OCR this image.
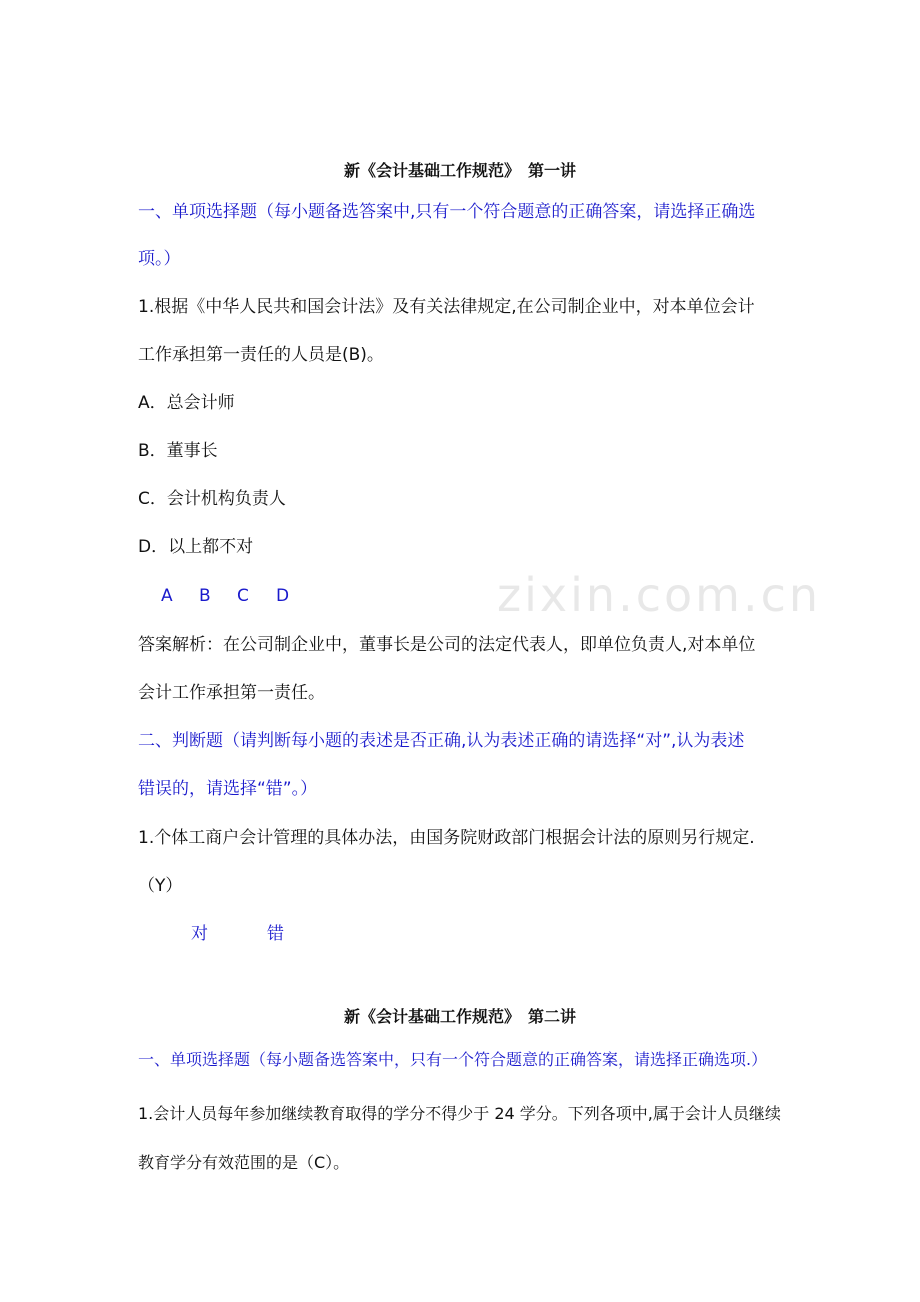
zixin.com.cn
新《会计基础工作规范》　第一讲
一、单项选择题（每小题备选答案中,只有一个符合题意的正确答案，请选择正确选
项。）
1.根据《中华人民共和国会计法》及有关法律规定,在公司制企业中，对本单位会计
工作承担第一责任的人员是(B)。
A．总会计师
B．董事长
C．会计机构负责人
D．以上都不对
A B C D
答案解析：在公司制企业中，董事长是公司的法定代表人，即单位负责人,对本单位
会计工作承担第一责任。
二、判断题（请判断每小题的表述是否正确,认为表述正确的请选择“对”,认为表述
错误的，请选择“错”。）
1.个体工商户会计管理的具体办法，由国务院财政部门根据会计法的原则另行规定.
（Y）
对	错
新《会计基础工作规范》　第二讲
一、单项选择题（每小题备选答案中，只有一个符合题意的正确答案，请选择正确选项.）
1.会计人员每年参加继续教育取得的学分不得少于 24 学分。下列各项中,属于会计人员继续
教育学分有效范围的是（C）。
